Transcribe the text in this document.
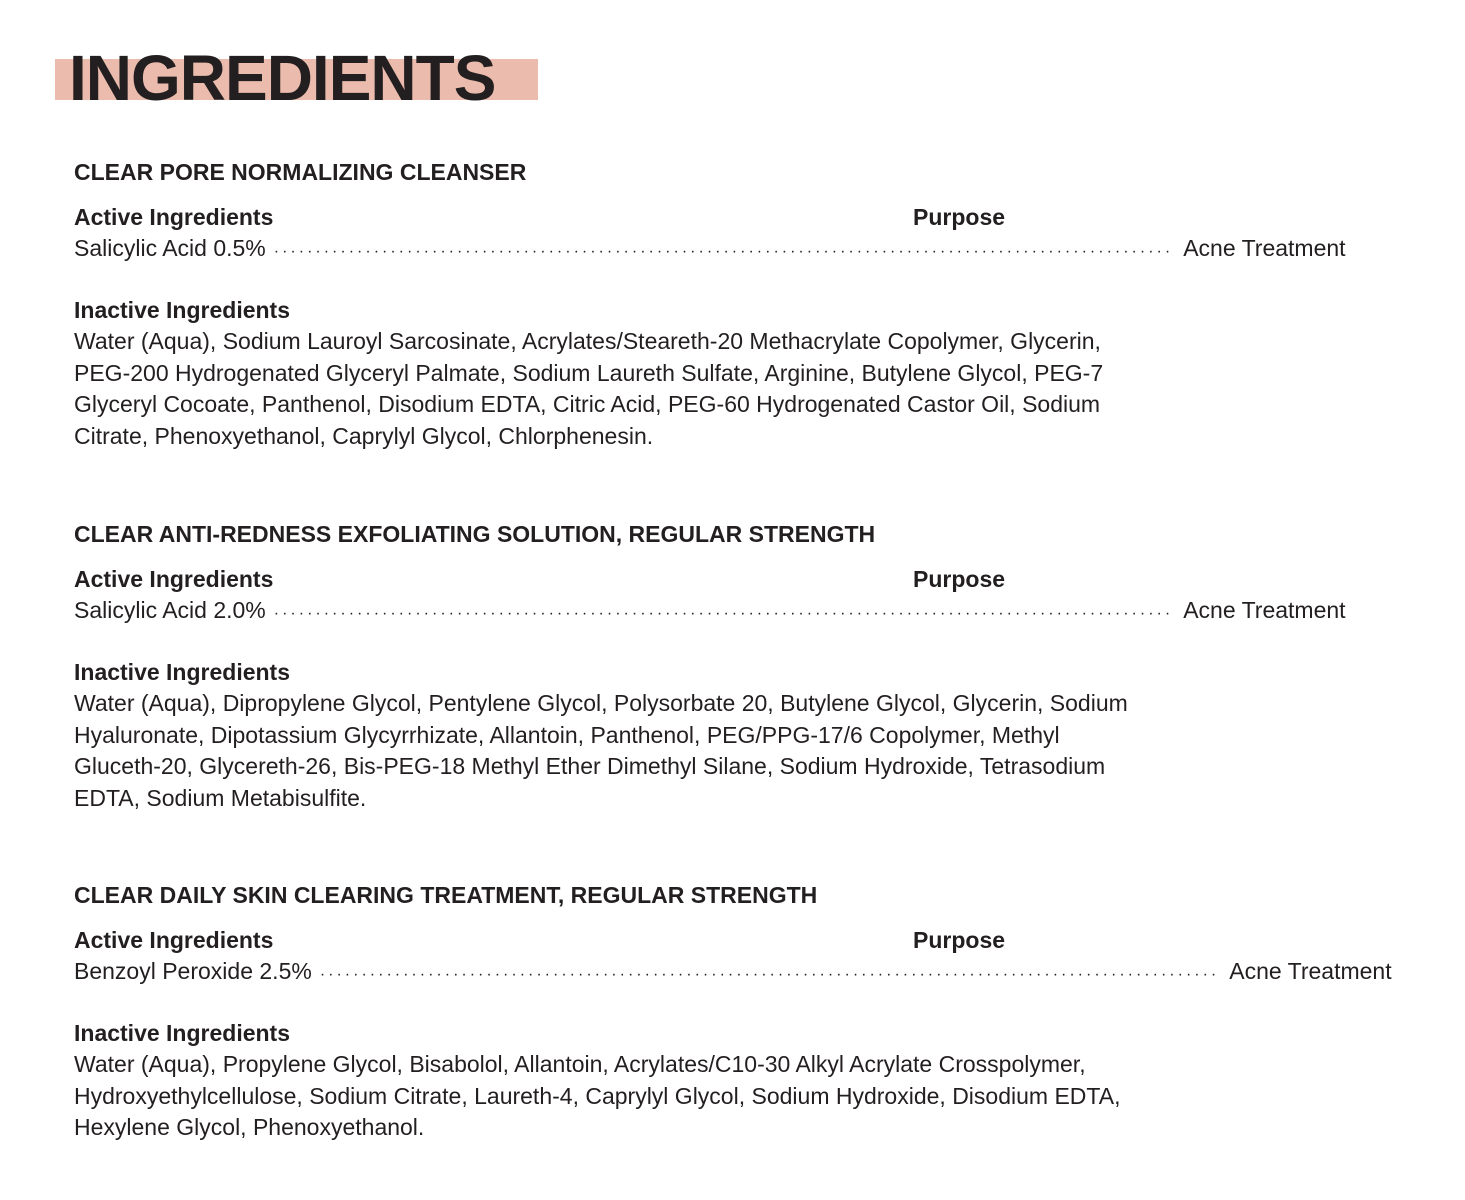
INGREDIENTS
CLEAR PORE NORMALIZING CLEANSER
Active Ingredients	Purpose
Salicylic Acid 0.5% ············································································································ Acne Treatment
Inactive Ingredients

Water (Aqua), Sodium Lauroyl Sarcosinate, Acrylates/Steareth-20 Methacrylate Copolymer, Glycerin, PEG-200 Hydrogenated Glyceryl Palmate, Sodium Laureth Sulfate, Arginine, Butylene Glycol, PEG-7 Glyceryl Cocoate, Panthenol, Disodium EDTA, Citric Acid, PEG-60 Hydrogenated Castor Oil, Sodium Citrate, Phenoxyethanol, Caprylyl Glycol, Chlorphenesin.

CLEAR ANTI-REDNESS EXFOLIATING SOLUTION, REGULAR STRENGTH
Active Ingredients	Purpose
Salicylic Acid 2.0% ············································································································ Acne Treatment
Inactive Ingredients

Water (Aqua), Dipropylene Glycol, Pentylene Glycol, Polysorbate 20, Butylene Glycol, Glycerin, Sodium Hyaluronate, Dipotassium Glycyrrhizate, Allantoin, Panthenol, PEG/PPG-17/6 Copolymer, Methyl Gluceth-20, Glycereth-26, Bis-PEG-18 Methyl Ether Dimethyl Silane, Sodium Hydroxide, Tetrasodium EDTA, Sodium Metabisulfite.

CLEAR DAILY SKIN CLEARING TREATMENT, REGULAR STRENGTH
Active Ingredients	Purpose
Benzoyl Peroxide 2.5% ············································································································ Acne Treatment
Inactive Ingredients

Water (Aqua), Propylene Glycol, Bisabolol, Allantoin, Acrylates/C10-30 Alkyl Acrylate Crosspolymer, Hydroxyethylcellulose, Sodium Citrate, Laureth-4, Caprylyl Glycol, Sodium Hydroxide, Disodium EDTA, Hexylene Glycol, Phenoxyethanol.
